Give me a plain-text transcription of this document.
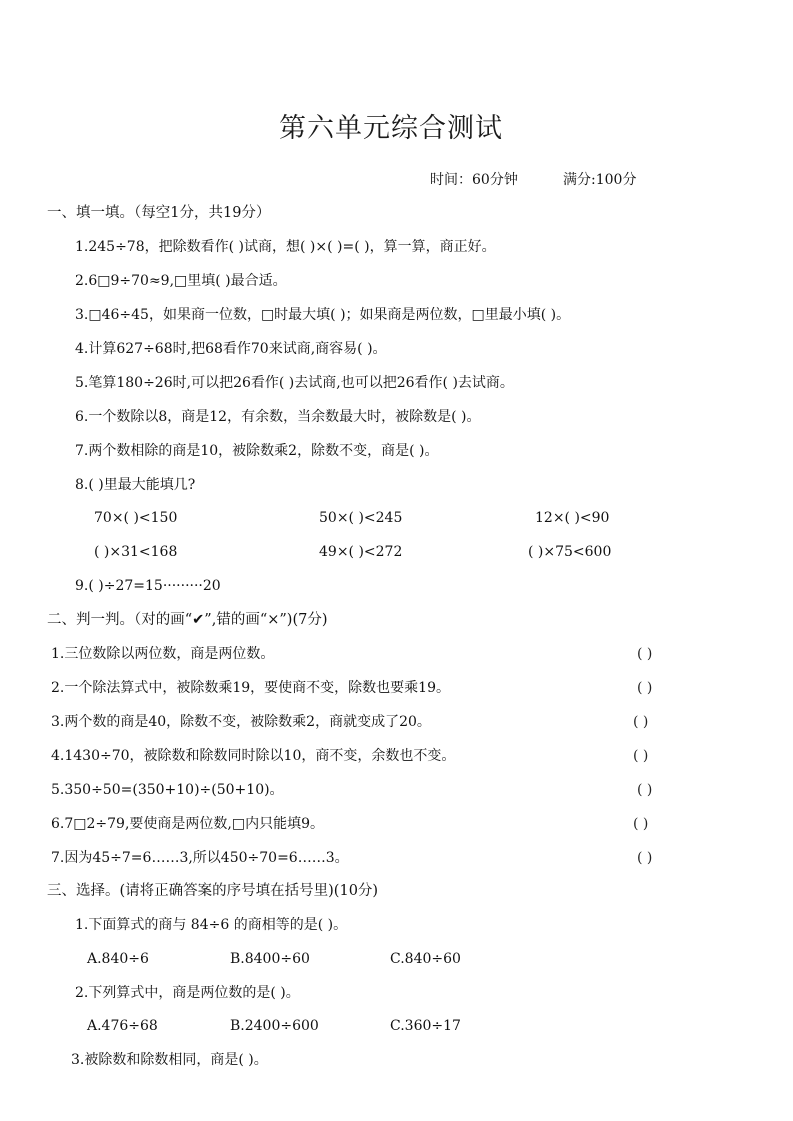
第六单元综合测试
时间：60分钟	满分:100分
一、填一填。（每空1分，共19分）
1.245÷78，把除数看作( )试商，想( )×( )=( )，算一算，商正好。
2.6□9÷70≈9,□里填( )最合适。
3.□46÷45，如果商一位数，□时最大填( )；如果商是两位数，□里最小填( )。
4.计算627÷68时,把68看作70来试商,商容易( )。
5.笔算180÷26时,可以把26看作( )去试商,也可以把26看作( )去试商。
6.一个数除以8，商是12，有余数，当余数最大时，被除数是( )。
7.两个数相除的商是10，被除数乘2，除数不变，商是( )。
8.( )里最大能填几?
70×( )<150	50×( )<245	12×( )<90
( )×31<168	49×( )<272	( )×75<600
9.( )÷27=15·········20
二、判一判。（对的画“✔”,错的画“×”)(7分)
1.三位数除以两位数，商是两位数。	( )
2.一个除法算式中，被除数乘19，要使商不变，除数也要乘19。	( )
3.两个数的商是40，除数不变，被除数乘2，商就变成了20。	( )
4.1430÷70，被除数和除数同时除以10，商不变，余数也不变。	( )
5.350÷50=(350+10)÷(50+10)。	( )
6.7□2÷79,要使商是两位数,□内只能填9。	( )
7.因为45÷7=6……3,所以450÷70=6……3。	( )
三、选择。(请将正确答案的序号填在括号里)(10分)
1.下面算式的商与 84÷6 的商相等的是( )。
A.840÷6	B.8400÷60	C.840÷60
2.下列算式中，商是两位数的是( )。
A.476÷68	B.2400÷600	C.360÷17
3.被除数和除数相同，商是( )。
